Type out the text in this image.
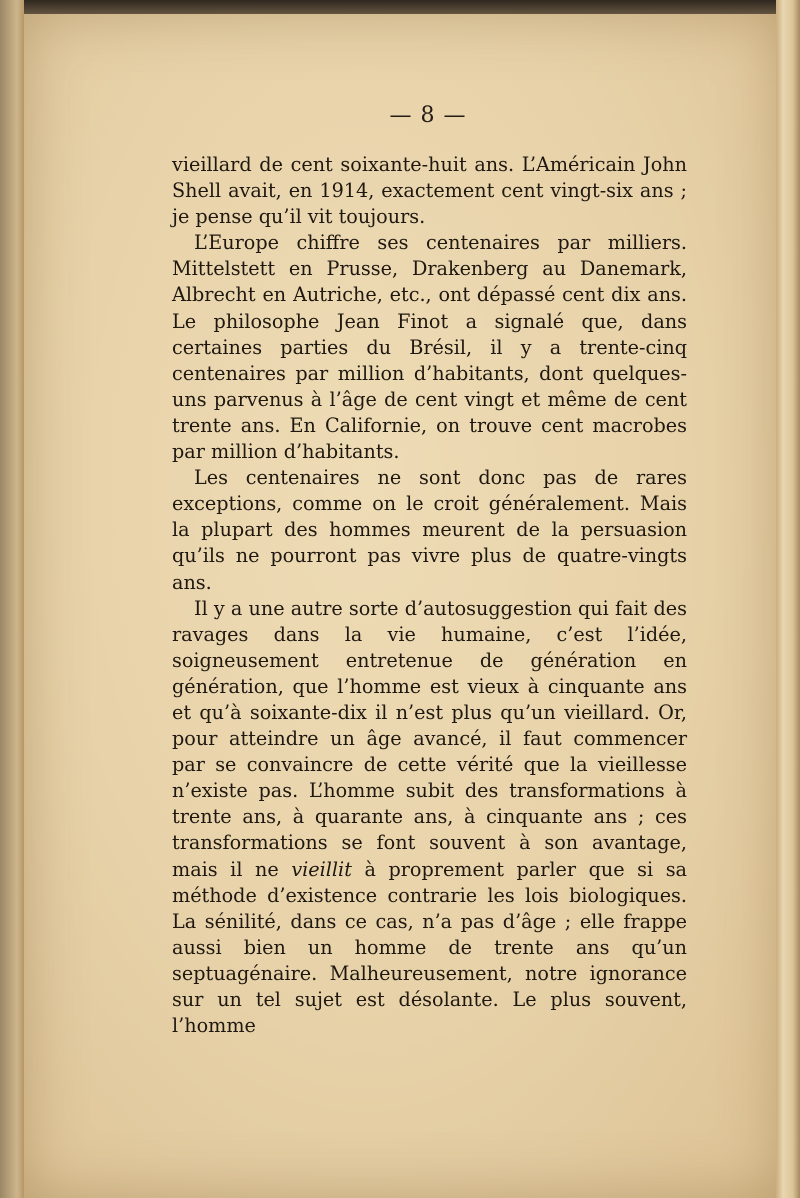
— 8 —

vieillard de cent soixante-huit ans. L’Américain John Shell avait, en 1914, exactement cent vingt-six ans ; je pense qu’il vit toujours.

L’Europe chiffre ses centenaires par milliers. Mittelstett en Prusse, Drakenberg au Danemark, Albrecht en Autriche, etc., ont dépassé cent dix ans. Le philosophe Jean Finot a signalé que, dans certaines parties du Brésil, il y a trente-cinq centenaires par million d’habitants, dont quelques-uns parvenus à l’âge de cent vingt et même de cent trente ans. En Californie, on trouve cent macrobes par million d’habitants.

Les centenaires ne sont donc pas de rares exceptions, comme on le croit généralement. Mais la plupart des hommes meurent de la persuasion qu’ils ne pourront pas vivre plus de quatre-vingts ans.

Il y a une autre sorte d’autosuggestion qui fait des ravages dans la vie humaine, c’est l’idée, soigneusement entretenue de génération en génération, que l’homme est vieux à cinquante ans et qu’à soixante-dix il n’est plus qu’un vieillard. Or, pour atteindre un âge avancé, il faut commencer par se convaincre de cette vérité que la vieillesse n’existe pas. L’homme subit des transformations à trente ans, à quarante ans, à cinquante ans ; ces transformations se font souvent à son avantage, mais il ne vieillit à proprement parler que si sa méthode d’existence contrarie les lois biologiques. La sénilité, dans ce cas, n’a pas d’âge ; elle frappe aussi bien un homme de trente ans qu’un septuagénaire. Malheureusement, notre ignorance sur un tel sujet est désolante. Le plus souvent, l’homme
